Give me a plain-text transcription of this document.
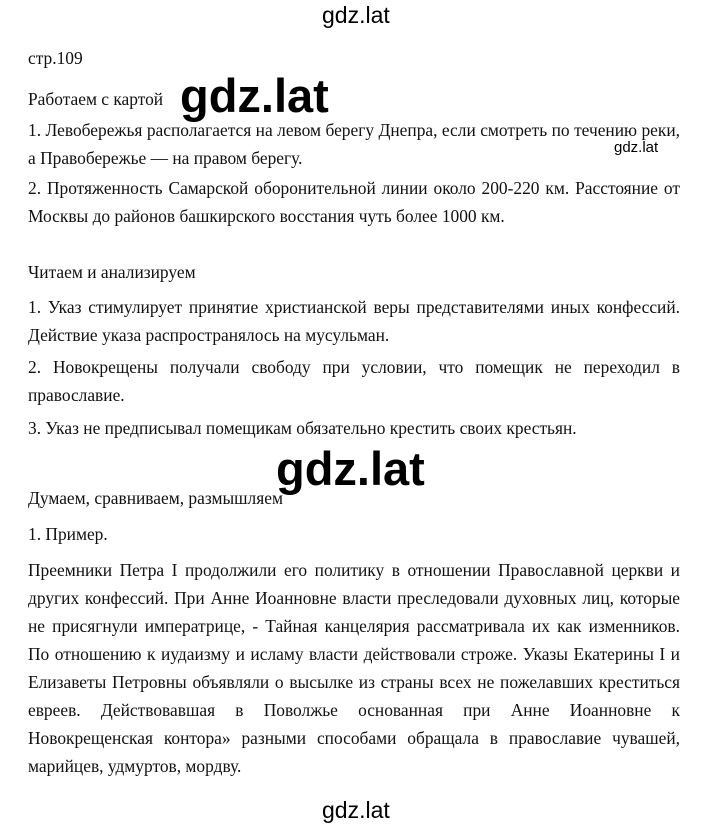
стр.109

Работаем с картой

1. Левобережья располагается на левом берегу Днепра, если смотреть по течению реки, а Правобережье — на правом берегу.

2. Протяженность Самарской оборонительной линии около 200-220 км. Расстояние от Москвы до районов башкирского восстания чуть более 1000 км.

Читаем и анализируем

1. Указ стимулирует принятие христианской веры представителями иных конфессий. Действие указа распространялось на мусульман.

2. Новокрещены получали свободу при условии, что помещик не переходил в православие.

3. Указ не предписывал помещикам обязательно крестить своих крестьян.

Думаем, сравниваем, размышляем

1. Пример.

Преемники Петра I продолжили его политику в отношении Православной церкви и других конфессий. При Анне Иоанновне власти преследовали духовных лиц, которые не присягнули императрице, - Тайная канцелярия рассматривала их как изменников. По отношению к иудаизму и исламу власти действовали строже. Указы Екатерины I и Елизаветы Петровны объявляли о высылке из страны всех не пожелавших креститься евреев. Действовавшая в Поволжье основанная при Анне Иоанновне к Новокрещенская контора» разными способами обращала в православие чувашей, марийцев, удмуртов, мордву.

gdz.lat
gdz.lat
gdz.lat
gdz.lat
gdz.lat
